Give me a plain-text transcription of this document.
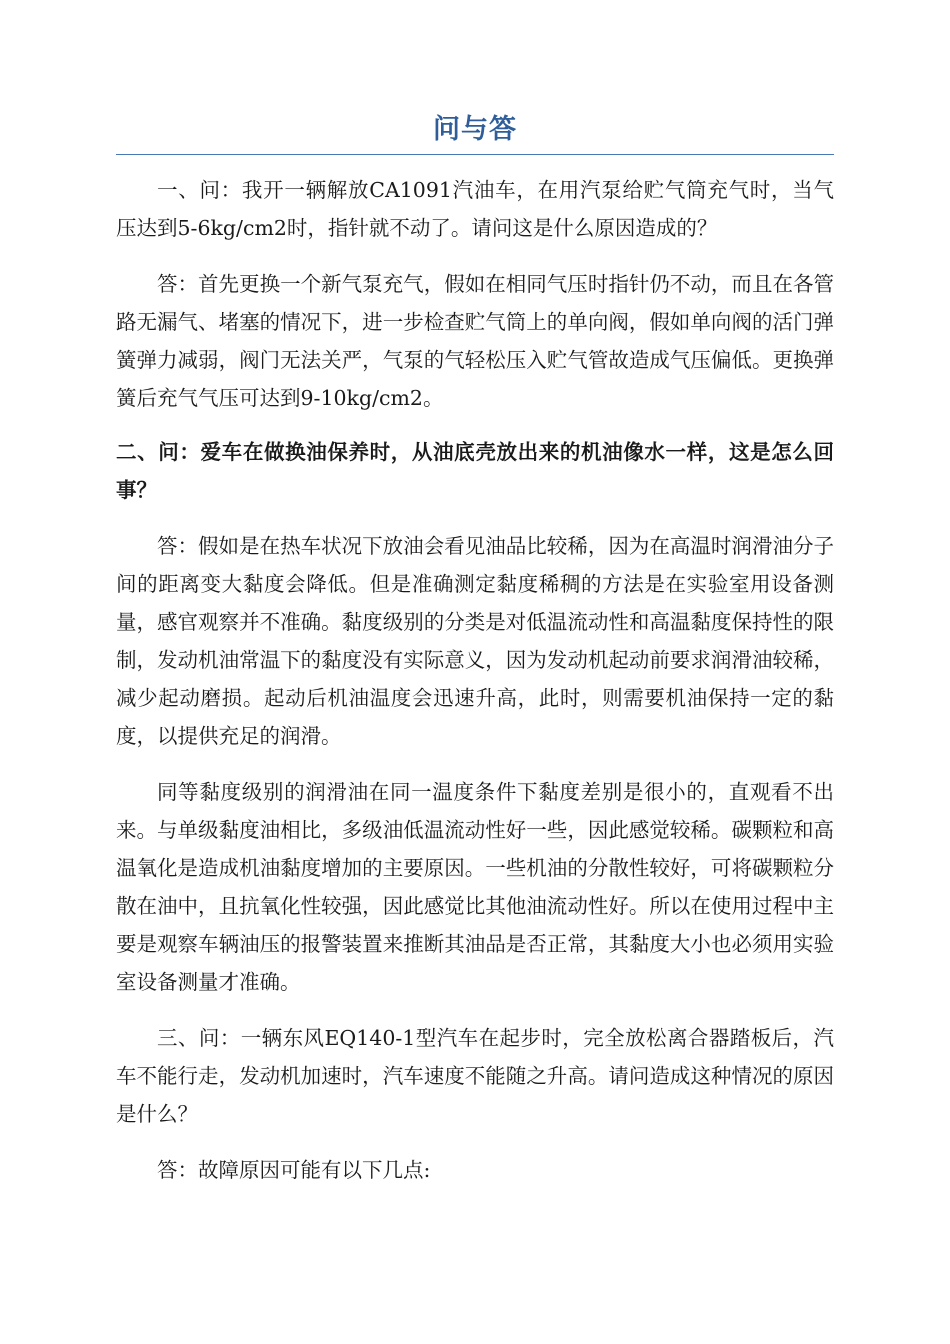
问与答

一、问：我开一辆解放CA1091汽油车，在用汽泵给贮气筒充气时，当气压达到5-6kg/cm2时，指针就不动了。请问这是什么原因造成的？

答：首先更换一个新气泵充气，假如在相同气压时指针仍不动，而且在各管路无漏气、堵塞的情况下，进一步检查贮气筒上的单向阀，假如单向阀的活门弹簧弹力减弱，阀门无法关严，气泵的气轻松压入贮气管故造成气压偏低。更换弹簧后充气气压可达到9-10kg/cm2。

二、问：爱车在做换油保养时，从油底壳放出来的机油像水一样，这是怎么回事？

答：假如是在热车状况下放油会看见油品比较稀，因为在高温时润滑油分子间的距离变大黏度会降低。但是准确测定黏度稀稠的方法是在实验室用设备测量，感官观察并不准确。黏度级别的分类是对低温流动性和高温黏度保持性的限制，发动机油常温下的黏度没有实际意义，因为发动机起动前要求润滑油较稀，减少起动磨损。起动后机油温度会迅速升高，此时，则需要机油保持一定的黏度，以提供充足的润滑。

同等黏度级别的润滑油在同一温度条件下黏度差别是很小的，直观看不出来。与单级黏度油相比，多级油低温流动性好一些，因此感觉较稀。碳颗粒和高温氧化是造成机油黏度增加的主要原因。一些机油的分散性较好，可将碳颗粒分散在油中，且抗氧化性较强，因此感觉比其他油流动性好。所以在使用过程中主要是观察车辆油压的报警装置来推断其油品是否正常，其黏度大小也必须用实验室设备测量才准确。

三、问：一辆东风EQ140-1型汽车在起步时，完全放松离合器踏板后，汽车不能行走，发动机加速时，汽车速度不能随之升高。请问造成这种情况的原因是什么？

答：故障原因可能有以下几点:
